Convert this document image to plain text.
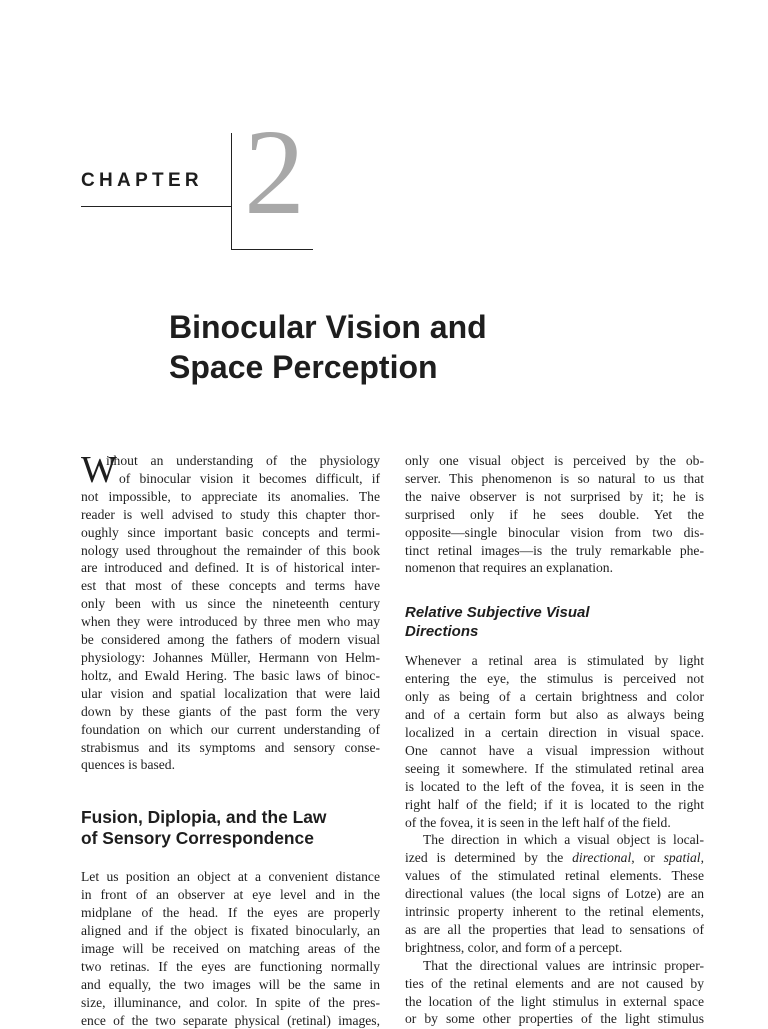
CHAPTER 2
Binocular Vision and
Space Perception
W
ithout an understanding of the physiology
of binocular vision it becomes difficult, if
not impossible, to appreciate its anomalies. The
reader is well advised to study this chapter thor-
oughly since important basic concepts and termi-
nology used throughout the remainder of this book
are introduced and defined. It is of historical inter-
est that most of these concepts and terms have
only been with us since the nineteenth century
when they were introduced by three men who may
be considered among the fathers of modern visual
physiology: Johannes Müller, Hermann von Helm-
holtz, and Ewald Hering. The basic laws of binoc-
ular vision and spatial localization that were laid
down by these giants of the past form the very
foundation on which our current understanding of
strabismus and its symptoms and sensory conse-
quences is based.
Fusion, Diplopia, and the Law
of Sensory Correspondence
Let us position an object at a convenient distance
in front of an observer at eye level and in the
midplane of the head. If the eyes are properly
aligned and if the object is fixated binocularly, an
image will be received on matching areas of the
two retinas. If the eyes are functioning normally
and equally, the two images will be the same in
size, illuminance, and color. In spite of the pres-
ence of the two separate physical (retinal) images,
only one visual object is perceived by the ob-
server. This phenomenon is so natural to us that
the naive observer is not surprised by it; he is
surprised only if he sees double. Yet the
opposite—single binocular vision from two dis-
tinct retinal images—is the truly remarkable phe-
nomenon that requires an explanation.
Relative Subjective Visual
Directions
Whenever a retinal area is stimulated by light
entering the eye, the stimulus is perceived not
only as being of a certain brightness and color
and of a certain form but also as always being
localized in a certain direction in visual space.
One cannot have a visual impression without
seeing it somewhere. If the stimulated retinal area
is located to the left of the fovea, it is seen in the
right half of the field; if it is located to the right
of the fovea, it is seen in the left half of the field.
The direction in which a visual object is local-
ized is determined by the directional, or spatial,
values of the stimulated retinal elements. These
directional values (the local signs of Lotze) are an
intrinsic property inherent to the retinal elements,
as are all the properties that lead to sensations of
brightness, color, and form of a percept.
That the directional values are intrinsic proper-
ties of the retinal elements and are not caused by
the location of the light stimulus in external space
or by some other properties of the light stimulus
